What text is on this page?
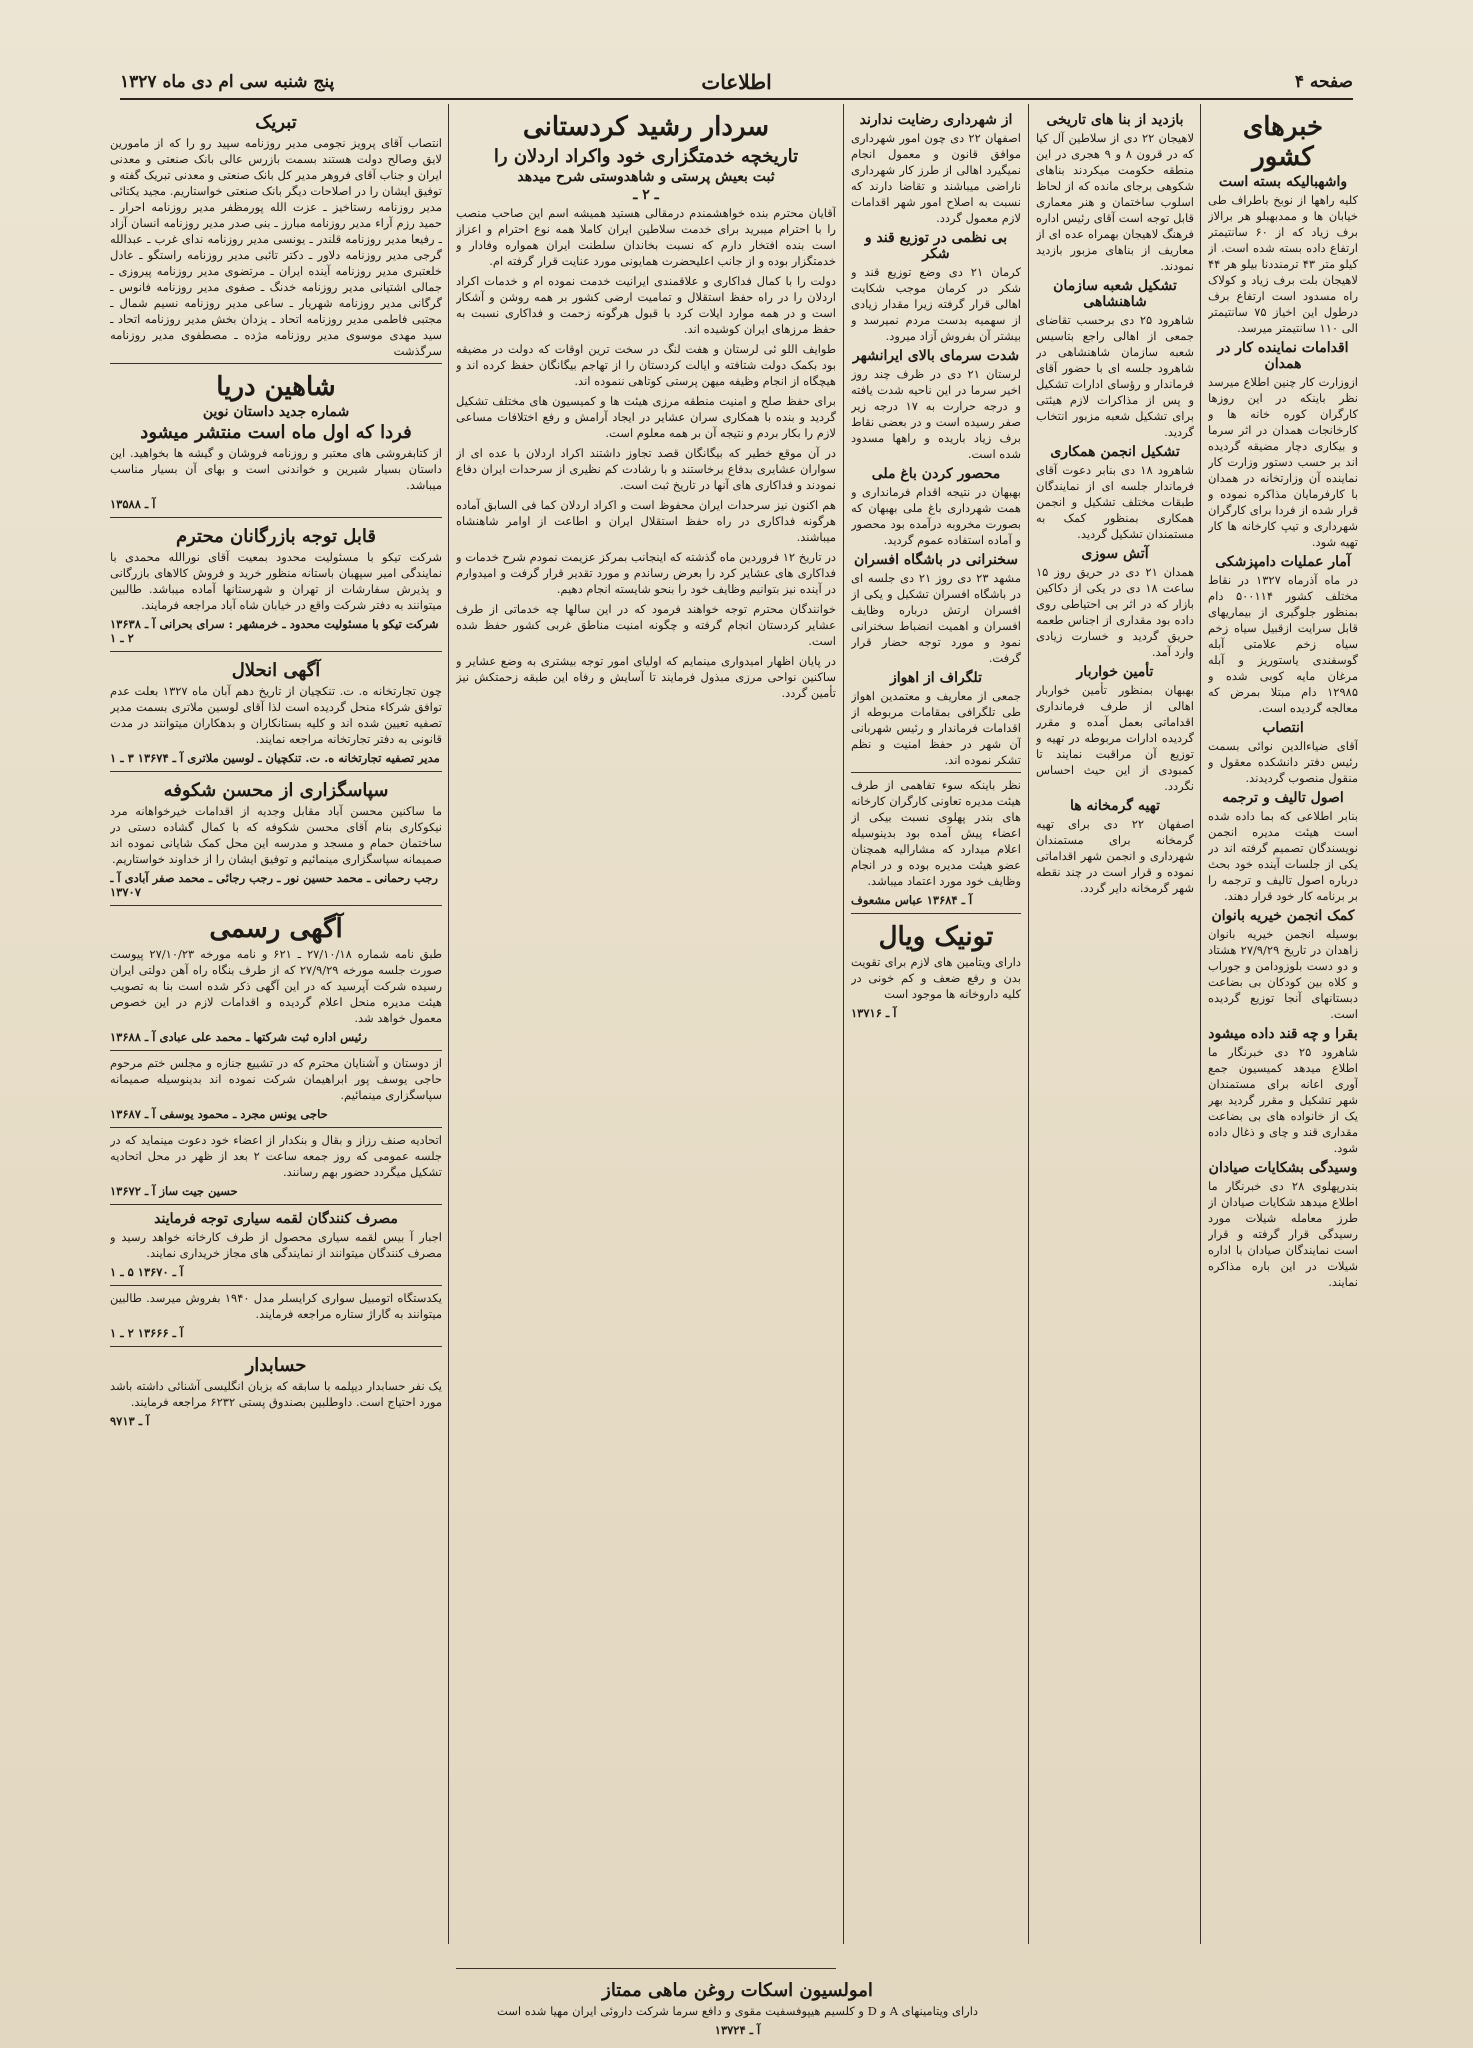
صفحه ۴
اطلاعات
پنج شنبه سی ام دی ماه ۱۳۲۷
خبرهای کشور
واشهبالیکه بسته است

کلیه راهها از نوبخ باطراف طی خیابان ها و ممدبهبلو هر برالاز برف زیاد که از ۶۰ سانتیمتر ارتفاع داده بسته شده است. از کیلو متر ۴۳ ترمنددنا بیلو هر ۴۴ لاهیجان بلت برف زیاد و کولاک راه مسدود است ارتفاع برف درطول این اخیاز ۷۵ سانتیمتر الی ۱۱۰ سانتیمتر میرسد.

اقدامات نماینده کار در همدان

ازوزارت کار چنین اطلاع میرسد نظر باینکه در این روزها کارگران کوره خانه ها و کارخانجات همدان در اثر سرما و بیکاری دچار مضیقه گردیده اند بر حسب دستور وزارت کار نماینده آن وزارتخانه در همدان با کارفرمایان مذاکره نموده و قرار شده از فردا برای کارگران شهرداری و تیپ کارخانه ها کار تهیه شود.

آمار عملیات دامپزشکی

در ماه آذرماه ۱۳۲۷ در نقاط مختلف کشور ۵۰۰۱۱۴ دام بمنظور جلوگیری از بیماریهای قابل سرایت ازقبیل سیاه زخم سیاه زخم علامتی آبله گوسفندی یاستوریز و آبله مرغان مایه کوبی شده و ۱۲۹۸۵ دام مبتلا بمرض که معالجه گردیده است.

انتصاب

آقای ضیاءالدین نوائی بسمت رئیس دفتر دانشکده معقول و منقول منصوب گردیدند.

اصول تالیف و ترجمه

بنابر اطلاعی که بما داده شده است هیئت مدیره انجمن نویسندگان تصمیم گرفته اند در یکی از جلسات آینده خود بحث درباره اصول تالیف و ترجمه را بر برنامه کار خود قرار دهند.

کمک انجمن خیریه بانوان

بوسیله انجمن خیریه بانوان زاهدان در تاریخ ۲۷/۹/۲۹ هشتاد و دو دست بلوزودامن و جوراب و کلاه بین کودکان بی بضاعت دبستانهای آنجا توزیع گردیده است.

بقرا و چه قند داده میشود

شاهرود ۲۵ دی خبرنگار ما اطلاع میدهد کمیسیون جمع آوری اعانه برای مستمندان شهر تشکیل و مقرر گردید بهر یک از خانواده های بی بضاعت مقداری قند و چای و ذغال داده شود.

وسیدگی بشکایات صیادان

بندرپهلوی ۲۸ دی خبرنگار ما اطلاع میدهد شکایات صیادان از طرز معامله شیلات مورد رسیدگی قرار گرفته و قرار است نمایندگان صیادان با اداره شیلات در این باره مذاکره نمایند.

بازدید از بنا های تاریخی

لاهیجان ۲۲ دی از سلاطین آل کیا که در قرون ۸ و ۹ هجری در این منطقه حکومت میکردند بناهای شکوهی برجای مانده که از لحاظ اسلوب ساختمان و هنر معماری قابل توجه است آقای رئیس اداره فرهنگ لاهیجان بهمراه عده ای از معاریف از بناهای مزبور بازدید نمودند.

تشکیل شعبه سازمان شاهنشاهی

شاهرود ۲۵ دی برحسب تقاضای جمعی از اهالی راجع بتاسیس شعبه سازمان شاهنشاهی در شاهرود جلسه ای با حضور آقای فرماندار و رؤسای ادارات تشکیل و پس از مذاکرات لازم هیئتی برای تشکیل شعبه مزبور انتخاب گردید.

تشکیل انجمن همکاری

شاهرود ۱۸ دی بنابر دعوت آقای فرماندار جلسه ای از نمایندگان طبقات مختلف تشکیل و انجمن همکاری بمنظور کمک به مستمندان تشکیل گردید.

آتش سوزی

همدان ۲۱ دی در حریق روز ۱۵ ساعت ۱۸ دی در یکی از دکاکین بازار که در اثر بی احتیاطی روی داده بود مقداری از اجناس طعمه حریق گردید و خسارت زیادی وارد آمد.

تأمین خواربار

بهبهان بمنظور تأمین خواربار اهالی از طرف فرمانداری اقداماتی بعمل آمده و مقرر گردیده ادارات مربوطه در تهیه و توزیع آن مراقبت نمایند تا کمبودی از این حیث احساس نگردد.

تهیه گرمخانه ها

اصفهان ۲۲ دی برای تهیه گرمخانه برای مستمندان شهرداری و انجمن شهر اقداماتی نموده و قرار است در چند نقطه شهر گرمخانه دایر گردد.

از شهرداری رضایت ندارند

اصفهان ۲۲ دی چون امور شهرداری موافق قانون و معمول انجام نمیگیرد اهالی از طرز کار شهرداری ناراضی میباشند و تقاضا دارند که نسبت به اصلاح امور شهر اقدامات لازم معمول گردد.

بی نظمی در توزیع قند و شکر

کرمان ۲۱ دی وضع توزیع قند و شکر در کرمان موجب شکایت اهالی قرار گرفته زیرا مقدار زیادی از سهمیه بدست مردم نمیرسد و بیشتر آن بفروش آزاد میرود.

شدت سرمای بالای ایرانشهر

لرستان ۲۱ دی در ظرف چند روز اخیر سرما در این ناحیه شدت یافته و درجه حرارت به ۱۷ درجه زیر صفر رسیده است و در بعضی نقاط برف زیاد باریده و راهها مسدود شده است.

محصور کردن باغ ملی

بهبهان در نتیجه اقدام فرمانداری و همت شهرداری باغ ملی بهبهان که بصورت مخروبه درآمده بود محصور و آماده استفاده عموم گردید.

سخنرانی در باشگاه افسران

مشهد ۲۳ دی روز ۲۱ دی جلسه ای در باشگاه افسران تشکیل و یکی از افسران ارتش درباره وظایف افسران و اهمیت انضباط سخنرانی نمود و مورد توجه حضار قرار گرفت.

تلگراف از اهواز

جمعی از معاریف و معتمدین اهواز طی تلگرافی بمقامات مربوطه از اقدامات فرماندار و رئیس شهربانی آن شهر در حفظ امنیت و نظم تشکر نموده اند.

نظر باینکه سوء تفاهمی از طرف هیئت مدیره تعاونی کارگران کارخانه های بندر پهلوی نسبت بیکی از اعضاء پیش آمده بود بدینوسیله اعلام میدارد که مشارالیه همچنان عضو هیئت مدیره بوده و در انجام وظایف خود مورد اعتماد میباشد.

آ ـ ۱۳۶۸۴ عباس مشعوف
تونیک ویال

دارای ویتامین های لازم برای تقویت بدن و رفع ضعف و کم خونی در کلیه داروخانه ها موجود است

آ ـ ۱۳۷۱۶
سردار رشید کردستانی
تاریخچه خدمتگزاری خود واکراد اردلان را
ثبت بعیش پرستی و شاهدوستی شرح میدهد
ـ ۲ ـ

آقایان محترم بنده خواهشمندم درمقالی هستید همیشه اسم این صاحب منصب را با احترام میبرید برای خدمت سلاطین ایران کاملا همه نوع احترام و اعزاز است بنده افتخار دارم که نسبت بخاندان سلطنت ایران همواره وفادار و خدمتگزار بوده و از جانب اعلیحضرت همایونی مورد عنایت قرار گرفته ام.

دولت را با کمال فداکاری و علاقمندی ایرانیت خدمت نموده ام و خدمات اکراد اردلان را در راه حفظ استقلال و تمامیت ارضی کشور بر همه روشن و آشکار است و در همه موارد ایلات کرد با قبول هرگونه زحمت و فداکاری نسبت به حفظ مرزهای ایران کوشیده اند.

طوایف اللو ئی لرستان و هفت لنگ در سخت ترین اوقات که دولت در مضیقه بود بکمک دولت شتافته و ایالت کردستان را از تهاجم بیگانگان حفظ کرده اند و هیچگاه از انجام وظیفه میهن پرستی کوتاهی ننموده اند.

برای حفظ صلح و امنیت منطقه مرزی هیئت ها و کمیسیون های مختلف تشکیل گردید و بنده با همکاری سران عشایر در ایجاد آرامش و رفع اختلافات مساعی لازم را بکار بردم و نتیجه آن بر همه معلوم است.

در آن موقع خطیر که بیگانگان قصد تجاوز داشتند اکراد اردلان با عده ای از سواران عشایری بدفاع برخاستند و با رشادت کم نظیری از سرحدات ایران دفاع نمودند و فداکاری های آنها در تاریخ ثبت است.

هم اکنون نیز سرحدات ایران محفوظ است و اکراد اردلان کما فی السابق آماده هرگونه فداکاری در راه حفظ استقلال ایران و اطاعت از اوامر شاهنشاه میباشند.

در تاریخ ۱۲ فروردین ماه گذشته که اینجانب بمرکز عزیمت نمودم شرح خدمات و فداکاری های عشایر کرد را بعرض رساندم و مورد تقدیر قرار گرفت و امیدوارم در آینده نیز بتوانیم وظایف خود را بنحو شایسته انجام دهیم.

خوانندگان محترم توجه خواهند فرمود که در این سالها چه خدماتی از طرف عشایر کردستان انجام گرفته و چگونه امنیت مناطق غربی کشور حفظ شده است.

در پایان اظهار امیدواری مینمایم که اولیای امور توجه بیشتری به وضع عشایر و ساکنین نواحی مرزی مبذول فرمایند تا آسایش و رفاه این طبقه زحمتکش نیز تأمین گردد.

امولسیون اسکات روغن ماهی ممتاز

دارای ویتامینهای A و D و کلسیم هیپوفسفیت مقوی و دافع سرما شرکت داروئی ایران مهیا شده است

آ ـ ۱۳۷۲۴
تبریک

انتصاب آقای پرویز نجومی مدیر روزنامه سپید رو را که از مامورین لایق وصالح دولت هستند بسمت بازرس عالی بانک صنعتی و معدنی ایران و جناب آقای فروهر مدیر کل بانک صنعتی و معدنی تبریک گفته و توفیق ایشان را در اصلاحات دیگر بانک صنعتی خواستاریم. مجید یکتائی مدیر روزنامه رستاخیز ـ عزت الله پورمظفر مدیر روزنامه احرار ـ حمید رزم آراء مدیر روزنامه مبارز ـ بنی صدر مدیر روزنامه انسان آزاد ـ رفیعا مدیر روزنامه قلندر ـ یونسی مدیر روزنامه ندای غرب ـ عبدالله گرجی مدیر روزنامه دلاور ـ دکتر تائبی مدیر روزنامه راستگو ـ عادل خلعتبری مدیر روزنامه آینده ایران ـ مرتضوی مدیر روزنامه پیروزی ـ جمالی اشتیانی مدیر روزنامه خدنگ ـ صفوی مدیر روزنامه فانوس ـ گرگانی مدیر روزنامه شهریار ـ ساعی مدیر روزنامه نسیم شمال ـ مجتبی فاطمی مدیر روزنامه اتحاد ـ یزدان بخش مدیر روزنامه اتحاد ـ سید مهدی موسوی مدیر روزنامه مژده ـ مصطفوی مدیر روزنامه سرگذشت

شاهین دریا
شماره جدید داستان نوین
فردا که اول ماه است منتشر میشود

از کتابفروشی های معتبر و روزنامه فروشان و گیشه ها بخواهید. این داستان بسیار شیرین و خواندنی است و بهای آن بسیار مناسب میباشد.

آ ـ ۱۳۵۸۸
قابل توجه بازرگانان محترم

شرکت تیکو با مسئولیت محدود بمعیت آقای نورالله محمدی با نمایندگی امیر سپهبان باستانه منظور خرید و فروش کالاهای بازرگانی و پذیرش سفارشات از تهران و شهرستانها آماده میباشد. طالبین میتوانند به دفتر شرکت واقع در خیابان شاه آباد مراجعه فرمایند.

شرکت تیکو با مسئولیت محدود ـ خرمشهر : سرای بحرانی آ ـ ۱۳۶۳۸ ۲ ـ ۱
آگهی انحلال

چون تجارتخانه ه. ت. تنکچیان از تاریخ دهم آبان ماه ۱۳۲۷ بعلت عدم توافق شرکاء منحل گردیده است لذا آقای لوسین ملاتری بسمت مدیر تصفیه تعیین شده اند و کلیه بستانکاران و بدهکاران میتوانند در مدت قانونی به دفتر تجارتخانه مراجعه نمایند.

مدیر تصفیه تجارتخانه ه. ت. تنکچیان ـ لوسین ملاتری آ ـ ۱۳۶۷۴ ۳ ـ ۱
سپاسگزاری از محسن شکوفه

ما ساکنین محسن آباد مقابل وجدیه از اقدامات خیرخواهانه مرد نیکوکاری بنام آقای محسن شکوفه که با کمال گشاده دستی در ساختمان حمام و مسجد و مدرسه این محل کمک شایانی نموده اند صمیمانه سپاسگزاری مینمائیم و توفیق ایشان را از خداوند خواستاریم.

رجب رحمانی ـ محمد حسین نور ـ رجب رجائی ـ محمد صفر آبادی آ ـ ۱۳۷۰۷
آگهی رسمی

طبق نامه شماره ۲۷/۱۰/۱۸ ـ ۶۲۱ و نامه مورخه ۲۷/۱۰/۲۳ پیوست صورت جلسه مورخه ۲۷/۹/۲۹ که از طرف بنگاه راه آهن دولتی ایران رسیده شرکت آپرسید که در این آگهی ذکر شده است بنا به تصویب هیئت مدیره منحل اعلام گردیده و اقدامات لازم در این خصوص معمول خواهد شد.

رئیس اداره ثبت شرکتها ـ محمد علی عبادی آ ـ ۱۳۶۸۸

از دوستان و آشنایان محترم که در تشییع جنازه و مجلس ختم مرحوم حاجی یوسف پور ابراهیمان شرکت نموده اند بدینوسیله صمیمانه سپاسگزاری مینمائیم.

حاجی یونس مجرد ـ محمود یوسفی آ ـ ۱۳۶۸۷

اتحادیه صنف رزاز و بقال و بنکدار از اعضاء خود دعوت مینماید که در جلسه عمومی که روز جمعه ساعت ۲ بعد از ظهر در محل اتحادیه تشکیل میگردد حضور بهم رسانند.

حسین جیت ساز آ ـ ۱۳۶۷۲
مصرف کنندگان لقمه سیاری توجه فرمایند

اجبار آ بیس لقمه سیاری محصول از طرف کارخانه خواهد رسید و مصرف کنندگان میتوانند از نمایندگی های مجاز خریداری نمایند.

آ ـ ۱۳۶۷۰ ۵ ـ ۱

یکدستگاه اتومبیل سواری کرایسلر مدل ۱۹۴۰ بفروش میرسد. طالبین میتوانند به گاراژ ستاره مراجعه فرمایند.

آ ـ ۱۳۶۶۶ ۲ ـ ۱
حسابدار

یک نفر حسابدار دیپلمه با سابقه که بزبان انگلیسی آشنائی داشته باشد مورد احتیاج است. داوطلبین بصندوق پستی ۶۲۳۲ مراجعه فرمایند.

آ ـ ۹۷۱۳
